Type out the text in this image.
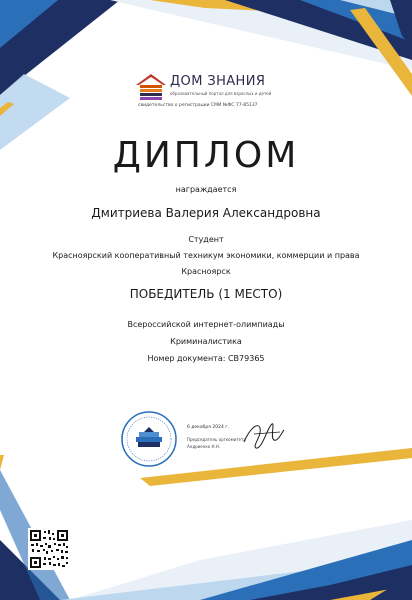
ДОМ ЗНАНИЯ
образовательный портал для взрослых и детей
свидетельство о регистрации СМИ №ФС 77-85137
ДИПЛОМ
награждается
Дмитриева Валерия Александровна
Студент
Красноярский кооперативный техникум экономики, коммерции и права
Красноярск
ПОБЕДИТЕЛЬ (1 МЕСТО)
Всероссийской интернет-олимпиады
Криминалистика
Номер документа: CB79365
6 декабря 2024 г.
Председатель оргкомитета
Андриенко Н.Н.
